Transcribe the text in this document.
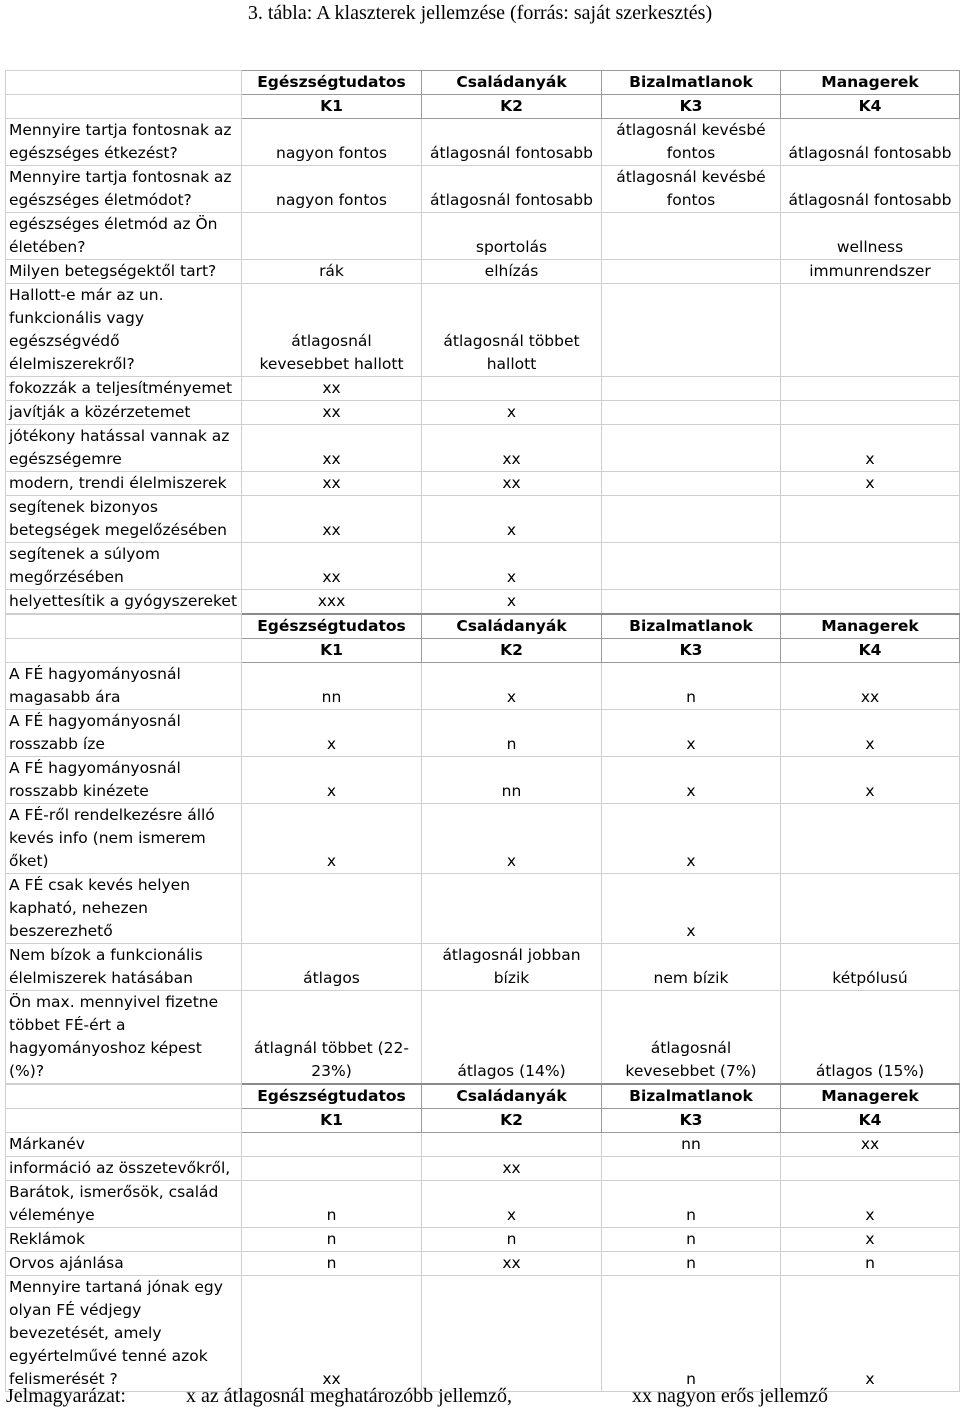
3. tábla: A klaszterek jellemzése (forrás: saját szerkesztés)
	Egészségtudatos	Családanyák	Bizalmatlanok	Managerek
	K1	K2	K3	K4
Mennyire tartja fontosnak az egészséges étkezést?	nagyon fontos	átlagosnál fontosabb	átlagosnál kevésbé fontos	átlagosnál fontosabb
Mennyire tartja fontosnak az egészséges életmódot?	nagyon fontos	átlagosnál fontosabb	átlagosnál kevésbé fontos	átlagosnál fontosabb
egészséges életmód az Ön életében?		sportolás		wellness
Milyen betegségektől tart?	rák	elhízás		immunrendszer
Hallott-e már az un. funkcionális vagy egészségvédő élelmiszerekről?	átlagosnál kevesebbet hallott	átlagosnál többet hallott		
fokozzák a teljesítményemet	xx			
javítják a közérzetemet	xx	x		
jótékony hatással vannak az egészségemre	xx	xx		x
modern, trendi élelmiszerek	xx	xx		x
segítenek bizonyos betegségek megelőzésében	xx	x		
segítenek a súlyom megőrzésében	xx	x		
helyettesítik a gyógyszereket	xxx	x		
	Egészségtudatos	Családanyák	Bizalmatlanok	Managerek
	K1	K2	K3	K4
A FÉ hagyományosnál magasabb ára	nn	x	n	xx
A FÉ hagyományosnál rosszabb íze	x	n	x	x
A FÉ hagyományosnál rosszabb kinézete	x	nn	x	x
A FÉ-ről rendelkezésre álló kevés info (nem ismerem őket)	x	x	x	
A FÉ csak kevés helyen kapható, nehezen beszerezhető			x	
Nem bízok a funkcionális élelmiszerek hatásában	átlagos	átlagosnál jobban bízik	nem bízik	kétpólusú
Ön max. mennyivel fizetne többet FÉ-ért a hagyományoshoz képest (%)?	átlagnál többet (22-23%)	átlagos (14%)	átlagosnál kevesebbet (7%)	átlagos (15%)
	Egészségtudatos	Családanyák	Bizalmatlanok	Managerek
	K1	K2	K3	K4
Márkanév			nn	xx
információ az összetevőkről,		xx		
Barátok, ismerősök, család véleménye	n	x	n	x
Reklámok	n	n	n	x
Orvos ajánlása	n	xx	n	n
Mennyire tartaná jónak egy olyan FÉ védjegy bevezetését, amely egyértelművé tenné azok felismerését ?	xx		n	x
Jelmagyarázat:	x az átlagosnál meghatározóbb jellemző,	xx nagyon erős jellemző
